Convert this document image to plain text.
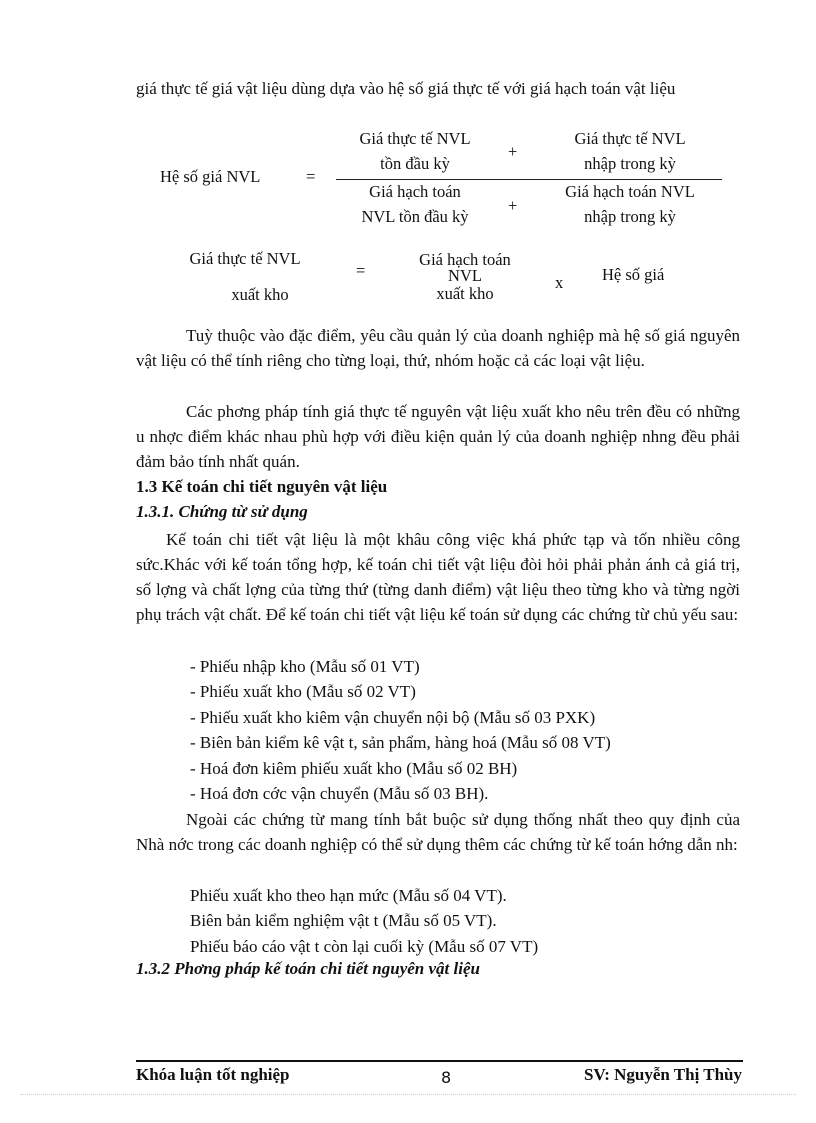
giá thực tế giá vật liệu dùng dựa vào hệ số giá thực tế với giá hạch toán vật liệu

Hệ số giá NVL	=
Giá thực tế NVL
tồn đầu kỳ
+
Giá thực tế NVL
nhập trong kỳ
Giá hạch toán
NVL tồn đầu kỳ
+
Giá hạch toán NVL
nhập trong kỳ
Giá thực tế NVL
xuất kho
=
Giá hạch toán
NVL
xuất kho
x Hệ số giá

Tuỳ thuộc vào đặc điểm, yêu cầu quản lý của doanh nghiệp mà hệ số giá nguyên vật liệu có thể tính riêng cho từng loại, thứ, nhóm hoặc cả các loại vật liệu.

Các phơng pháp tính giá thực tế nguyên vật liệu xuất kho nêu trên đều có những u nhợc điểm khác nhau phù hợp với điều kiện quản lý của doanh nghiệp nhng đều phải đảm bảo tính nhất quán.

1.3 Kế toán chi tiết nguyên vật liệu
1.3.1. Chứng từ sử dụng

Kế toán chi tiết vật liệu là một khâu công việc khá phức tạp và tốn nhiều công sức.Khác với kế toán tổng hợp, kế toán chi tiết vật liệu đòi hỏi phải phản ánh cả giá trị, số lợng và chất lợng của từng thứ (từng danh điểm) vật liệu theo từng kho và từng ngời phụ trách vật chất. Để kế toán chi tiết vật liệu kế toán sử dụng các chứng từ chủ yếu sau:

- Phiếu nhập kho (Mẫu số 01 VT)

- Phiếu xuất kho (Mẫu số 02 VT)

- Phiếu xuất kho kiêm vận chuyển nội bộ (Mẫu số 03 PXK)

- Biên bản kiểm kê vật t, sản phẩm, hàng hoá (Mẫu số 08 VT)

- Hoá đơn kiêm phiếu xuất kho (Mẫu số 02 BH)

- Hoá đơn cớc vận chuyển (Mẫu số 03 BH).

Ngoài các chứng từ mang tính bắt buộc sử dụng thống nhất theo quy định của Nhà nớc trong các doanh nghiệp có thể sử dụng thêm các chứng từ kế toán hớng dẫn nh:

Phiếu xuất kho theo hạn mức (Mẫu số 04 VT).

Biên bản kiểm nghiệm vật t (Mẫu số 05 VT).

Phiếu báo cáo vật t còn lại cuối kỳ (Mẫu số 07 VT)

1.3.2 Phơng pháp kế toán chi tiết nguyên vật liệu
Khóa luận tốt nghiệp	8	SV: Nguyễn Thị Thùy
